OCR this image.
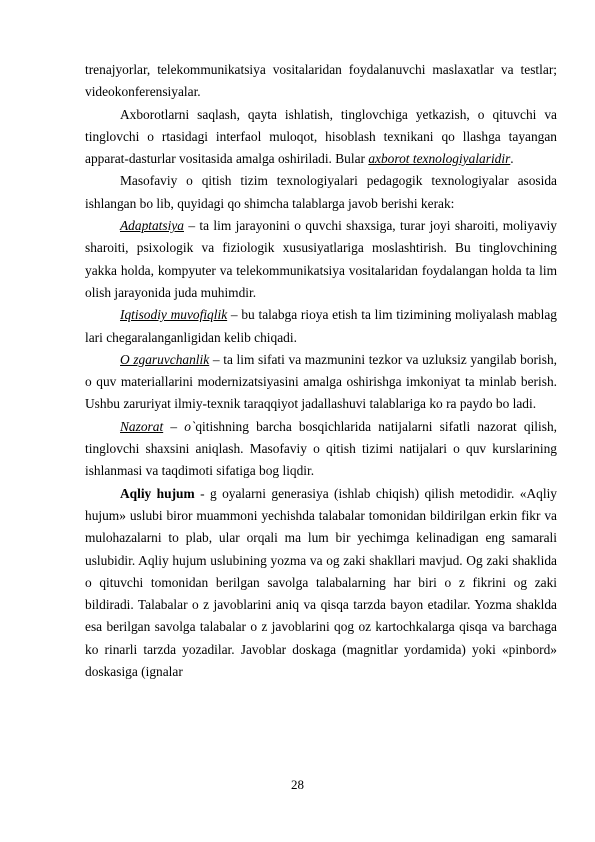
trenajyorlar, telekommunikatsiya vositalaridan foydalanuvchi maslaxatlar va testlar; videokonferensiyalar.

Axborotlarni saqlash, qayta ishlatish, tinglovchiga yetkazish, o qituvchi va tinglovchi o rtasidagi interfaol muloqot, hisoblash texnikani qo llashga tayangan apparat-dasturlar vositasida amalga oshiriladi. Bular axborot texnologiyalaridir.

Masofaviy o qitish tizim texnologiyalari pedagogik texnologiyalar asosida ishlangan bo lib, quyidagi qo shimcha talablarga javob berishi kerak:

Adaptatsiya – ta lim jarayonini o quvchi shaxsiga, turar joyi sharoiti, moliyaviy sharoiti, psixologik va fiziologik xususiyatlariga moslashtirish. Bu tinglovchining yakka holda, kompyuter va telekommunikatsiya vositalaridan foydalangan holda ta lim olish jarayonida juda muhimdir.

Iqtisodiy muvofiqlik – bu talabga rioya etish ta lim tizimining moliyalash mablag lari chegaralanganligidan kelib chiqadi.

O zgaruvchanlik – ta lim sifati va mazmunini tezkor va uzluksiz yangilab borish, o quv materiallarini modernizatsiyasini amalga oshirishga imkoniyat ta minlab berish. Ushbu zaruriyat ilmiy-texnik taraqqiyot jadallashuvi talablariga ko ra paydo bo ladi.

Nazorat – o`qitishning barcha bosqichlarida natijalarni sifatli nazorat qilish, tinglovchi shaxsini aniqlash. Masofaviy o qitish tizimi natijalari o quv kurslarining ishlanmasi va taqdimoti sifatiga bog liqdir.

Aqliy hujum - g oyalarni generasiya (ishlab chiqish) qilish metodidir. «Aqliy hujum» uslubi biror muammoni yechishda talabalar tomonidan bildirilgan erkin fikr va mulohazalarni to plab, ular orqali ma lum bir yechimga kelinadigan eng samarali uslubidir. Aqliy hujum uslubining yozma va og zaki shakllari mavjud. Og zaki shaklida o qituvchi tomonidan berilgan savolga talabalarning har biri o z fikrini og zaki bildiradi. Talabalar o z javoblarini aniq va qisqa tarzda bayon etadilar. Yozma shaklda esa berilgan savolga talabalar o z javoblarini qog oz kartochkalarga qisqa va barchaga ko rinarli tarzda yozadilar. Javoblar doskaga (magnitlar yordamida) yoki «pinbord» doskasiga (ignalar

28
